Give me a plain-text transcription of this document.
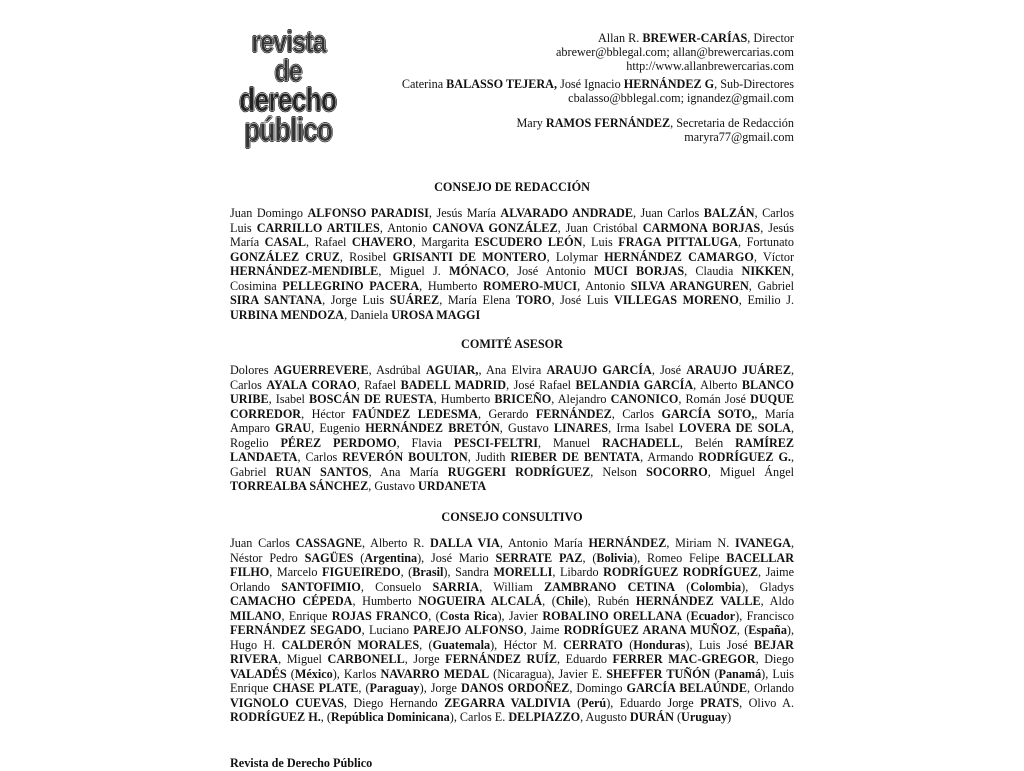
revista
de
derecho
público
Allan R. BREWER-CARÍAS, Director
abrewer@bblegal.com; allan@brewercarias.com
http://www.allanbrewercarias.com
Caterina BALASSO TEJERA, José Ignacio HERNÁNDEZ G, Sub-Directores
cbalasso@bblegal.com; ignandez@gmail.com
Mary RAMOS FERNÁNDEZ, Secretaria de Redacción
maryra77@gmail.com
CONSEJO DE REDACCIÓN
Juan Domingo ALFONSO PARADISI, Jesús María ALVARADO ANDRADE, Juan Carlos BALZÁN, Carlos Luis CARRILLO ARTILES, Antonio CANOVA GONZÁLEZ, Juan Cristóbal CARMONA BORJAS, Jesús María CASAL, Rafael CHAVERO, Margarita ESCUDERO LEÓN, Luis FRAGA PITTALUGA, Fortunato GONZÁLEZ CRUZ, Rosibel GRISANTI DE MONTERO, Lolymar HERNÁNDEZ CAMARGO, Víctor HERNÁNDEZ-MENDIBLE, Miguel J. MÓNACO, José Antonio MUCI BORJAS, Claudia NIKKEN, Cosimina PELLEGRINO PACERA, Humberto ROMERO-MUCI, Antonio SILVA ARANGUREN, Gabriel SIRA SANTANA, Jorge Luis SUÁREZ, María Elena TORO, José Luis VILLEGAS MORENO, Emilio J. URBINA MENDOZA, Daniela UROSA MAGGI
COMITÉ ASESOR
Dolores AGUERREVERE, Asdrúbal AGUIAR,, Ana Elvira ARAUJO GARCÍA, José ARAUJO JUÁREZ, Carlos AYALA CORAO, Rafael BADELL MADRID, José Rafael BELANDIA GARCÍA, Alberto BLANCO URIBE, Isabel BOSCÁN DE RUESTA, Humberto BRICEÑO, Alejandro CANONICO, Román José DUQUE CORREDOR, Héctor FAÚNDEZ LEDESMA, Gerardo FERNÁNDEZ, Carlos GARCÍA SOTO,, María Amparo GRAU, Eugenio HERNÁNDEZ BRETÓN, Gustavo LINARES, Irma Isabel LOVERA DE SOLA, Rogelio PÉREZ PERDOMO, Flavia PESCI-FELTRI, Manuel RACHADELL, Belén RAMÍREZ LANDAETA, Carlos REVERÓN BOULTON, Judith RIEBER DE BENTATA, Armando RODRÍGUEZ G., Gabriel RUAN SANTOS, Ana María RUGGERI RODRÍGUEZ, Nelson SOCORRO, Miguel Ángel TORREALBA SÁNCHEZ, Gustavo URDANETA
CONSEJO CONSULTIVO
Juan Carlos CASSAGNE, Alberto R. DALLA VIA, Antonio María HERNÁNDEZ, Miriam N. IVANEGA, Néstor Pedro SAGÜES (Argentina), José Mario SERRATE PAZ, (Bolivia), Romeo Felipe BACELLAR FILHO, Marcelo FIGUEIREDO, (Brasil), Sandra MORELLI, Libardo RODRÍGUEZ RODRÍGUEZ, Jaime Orlando SANTOFIMIO, Consuelo SARRIA, William ZAMBRANO CETINA (Colombia), Gladys CAMACHO CÉPEDA, Humberto NOGUEIRA ALCALÁ, (Chile), Rubén HERNÁNDEZ VALLE, Aldo MILANO, Enrique ROJAS FRANCO, (Costa Rica), Javier ROBALINO ORELLANA (Ecuador), Francisco FERNÁNDEZ SEGADO, Luciano PAREJO ALFONSO, Jaime RODRÍGUEZ ARANA MUÑOZ, (España), Hugo H. CALDERÓN MORALES, (Guatemala), Héctor M. CERRATO (Honduras), Luis José BEJAR RIVERA, Miguel CARBONELL, Jorge FERNÁNDEZ RUÍZ, Eduardo FERRER MAC-GREGOR, Diego VALADÉS (México), Karlos NAVARRO MEDAL (Nicaragua), Javier E. SHEFFER TUÑÓN (Panamá), Luis Enrique CHASE PLATE, (Paraguay), Jorge DANOS ORDOÑEZ, Domingo GARCÍA BELAÚNDE, Orlando VIGNOLO CUEVAS, Diego Hernando ZEGARRA VALDIVIA (Perú), Eduardo Jorge PRATS, Olivo A. RODRÍGUEZ H., (República Dominicana), Carlos E. DELPIAZZO, Augusto DURÁN (Uruguay)
Revista de Derecho Público
